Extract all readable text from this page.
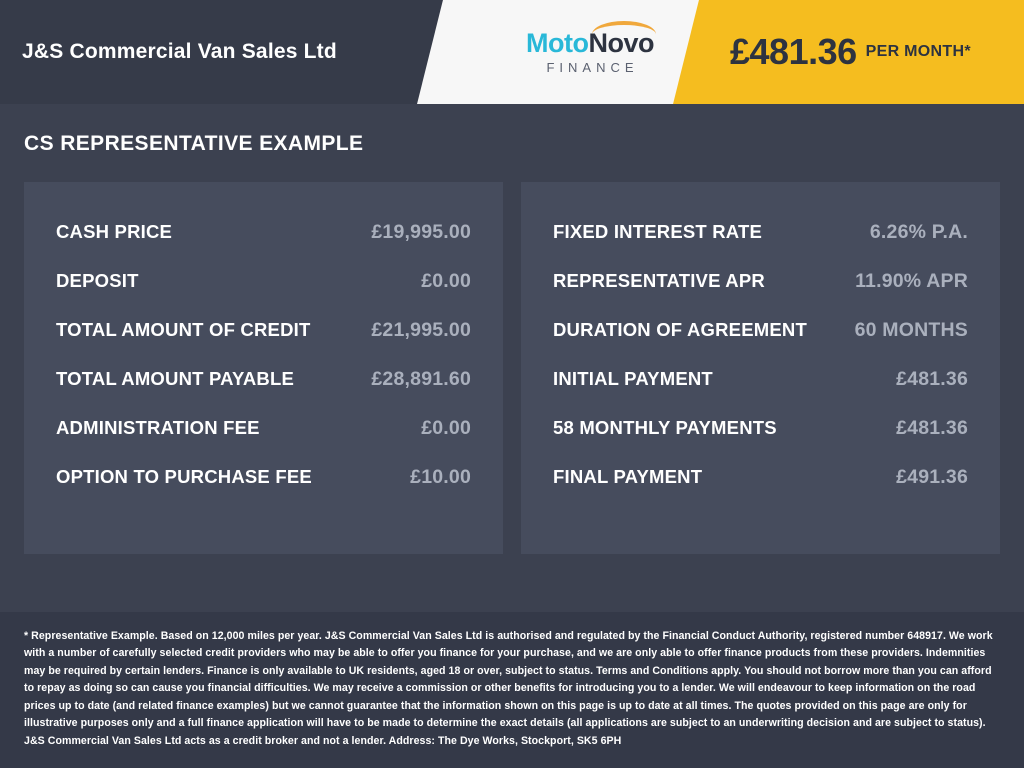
J&S Commercial Van Sales Ltd	MotoNovo
FINANCE	£481.36 PER MONTH*
CS REPRESENTATIVE EXAMPLE
CASH PRICE	£19,995.00
DEPOSIT	£0.00
TOTAL AMOUNT OF CREDIT	£21,995.00
TOTAL AMOUNT PAYABLE	£28,891.60
ADMINISTRATION FEE	£0.00
OPTION TO PURCHASE FEE	£10.00
FIXED INTEREST RATE	6.26% P.A.
REPRESENTATIVE APR	11.90% APR
DURATION OF AGREEMENT 60 MONTHS
INITIAL PAYMENT	£481.36
58 MONTHLY PAYMENTS	£481.36
FINAL PAYMENT	£491.36
* Representative Example. Based on 12,000 miles per year. J&S Commercial Van Sales Ltd is authorised and regulated by the Financial Conduct Authority, registered number 648917. We work with a number of carefully selected credit providers who may be able to offer you finance for your purchase, and we are only able to offer finance products from these providers. Indemnities may be required by certain lenders. Finance is only available to UK residents, aged 18 or over, subject to status. Terms and Conditions apply. You should not borrow more than you can afford to repay as doing so can cause you financial difficulties. We may receive a commission or other benefits for introducing you to a lender. We will endeavour to keep information on the road prices up to date (and related finance examples) but we cannot guarantee that the information shown on this page is up to date at all times. The quotes provided on this page are only for illustrative purposes only and a full finance application will have to be made to determine the exact details (all applications are subject to an underwriting decision and are subject to status). J&S Commercial Van Sales Ltd acts as a credit broker and not a lender. Address: The Dye Works, Stockport, SK5 6PH
